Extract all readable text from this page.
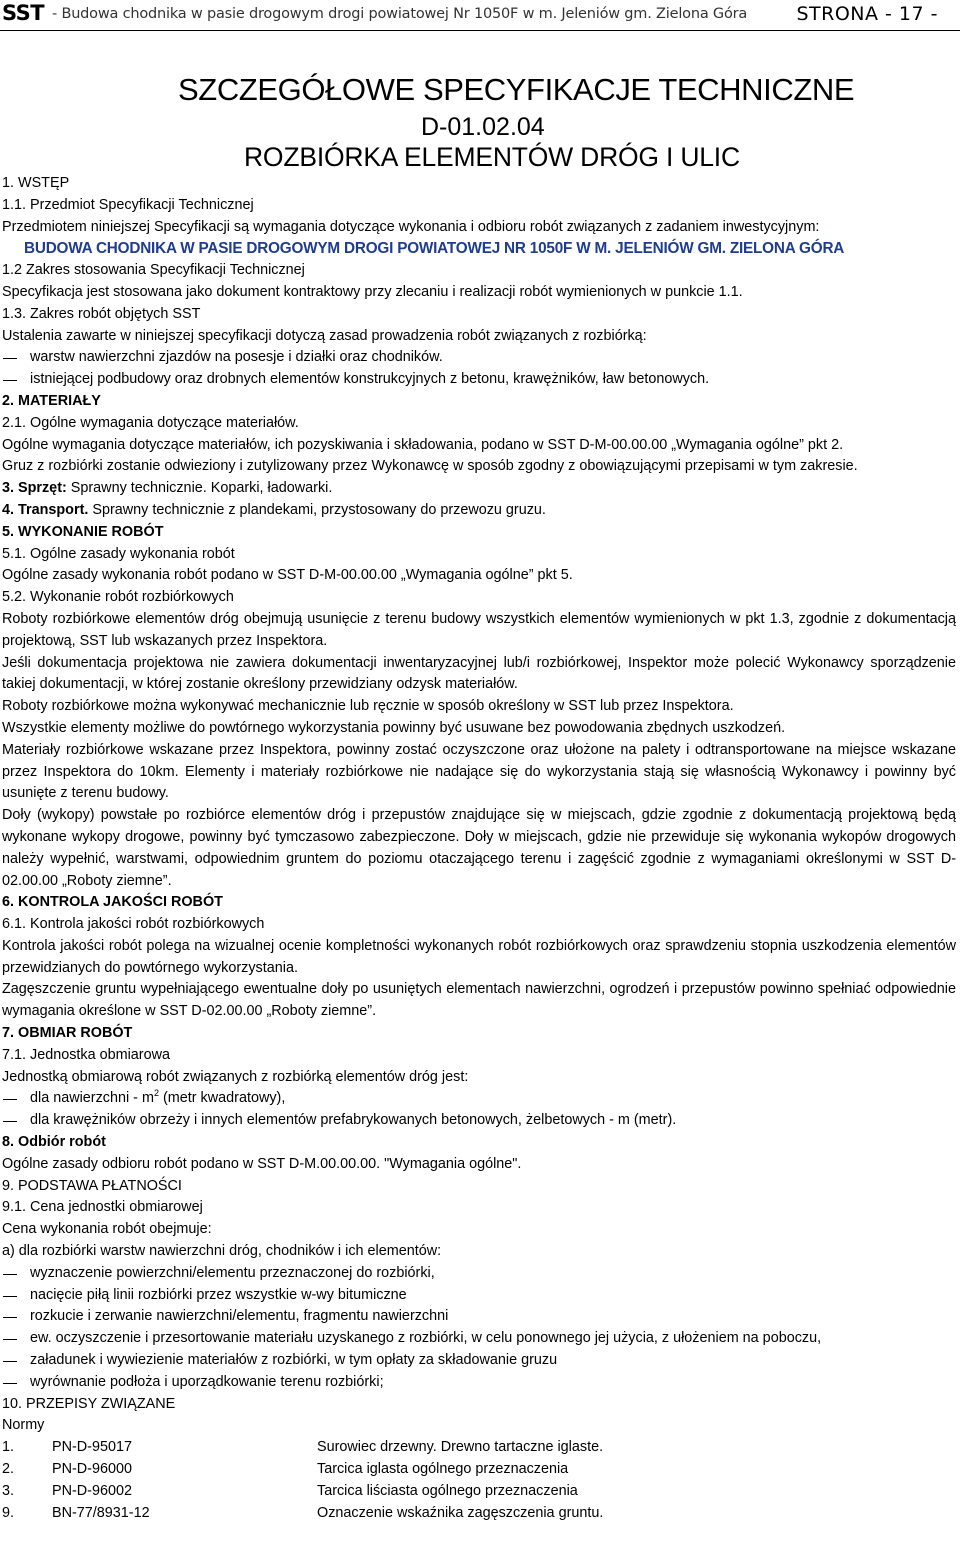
SST - Budowa chodnika w pasie drogowym drogi powiatowej Nr 1050F w m. Jeleniów gm. Zielona Góra	STRONA - 17 -
SZCZEGÓŁOWE SPECYFIKACJE TECHNICZNE
D-01.02.04
ROZBIÓRKA ELEMENTÓW DRÓG I ULIC

1. WSTĘP

1.1. Przedmiot Specyfikacji Technicznej

Przedmiotem niniejszej Specyfikacji są wymagania dotyczące wykonania i odbioru robót związanych z zadaniem inwestycyjnym:

BUDOWA CHODNIKA W PASIE DROGOWYM DROGI POWIATOWEJ NR 1050F W M. JELENIÓW GM. ZIELONA GÓRA

1.2 Zakres stosowania Specyfikacji Technicznej

Specyfikacja jest stosowana jako dokument kontraktowy przy zlecaniu i realizacji robót wymienionych w punkcie 1.1.

1.3. Zakres robót objętych SST

Ustalenia zawarte w niniejszej specyfikacji dotyczą zasad prowadzenia robót związanych z rozbiórką:

warstw nawierzchni zjazdów na posesje i działki oraz chodników.

istniejącej podbudowy oraz drobnych elementów konstrukcyjnych z betonu, krawężników, ław betonowych.

2. MATERIAŁY

2.1. Ogólne wymagania dotyczące materiałów.

Ogólne wymagania dotyczące materiałów, ich pozyskiwania i składowania, podano w SST D-M-00.00.00 „Wymagania ogólne” pkt 2.

Gruz z rozbiórki zostanie odwieziony i zutylizowany przez Wykonawcę w sposób zgodny z obowiązującymi przepisami w tym zakresie.

3. Sprzęt: Sprawny technicznie. Koparki, ładowarki.

4. Transport. Sprawny technicznie z plandekami, przystosowany do przewozu gruzu.

5. WYKONANIE ROBÓT

5.1. Ogólne zasady wykonania robót

Ogólne zasady wykonania robót podano w SST D-M-00.00.00 „Wymagania ogólne” pkt 5.

5.2. Wykonanie robót rozbiórkowych

Roboty rozbiórkowe elementów dróg obejmują usunięcie z terenu budowy wszystkich elementów wymienionych w pkt 1.3, zgodnie z dokumentacją projektową, SST lub wskazanych przez Inspektora.

Jeśli dokumentacja projektowa nie zawiera dokumentacji inwentaryzacyjnej lub/i rozbiórkowej, Inspektor może polecić Wykonawcy sporządzenie takiej dokumentacji, w której zostanie określony przewidziany odzysk materiałów.

Roboty rozbiórkowe można wykonywać mechanicznie lub ręcznie w sposób określony w SST lub przez Inspektora.

Wszystkie elementy możliwe do powtórnego wykorzystania powinny być usuwane bez powodowania zbędnych uszkodzeń.

Materiały rozbiórkowe wskazane przez Inspektora, powinny zostać oczyszczone oraz ułożone na palety i odtransportowane na miejsce wskazane przez Inspektora do 10km. Elementy i materiały rozbiórkowe nie nadające się do wykorzystania stają się własnością Wykonawcy i powinny być usunięte z terenu budowy.

Doły (wykopy) powstałe po rozbiórce elementów dróg i przepustów znajdujące się w miejscach, gdzie zgodnie z dokumentacją projektową będą wykonane wykopy drogowe, powinny być tymczasowo zabezpieczone. Doły w miejscach, gdzie nie przewiduje się wykonania wykopów drogowych należy wypełnić, warstwami, odpowiednim gruntem do poziomu otaczającego terenu i zagęścić zgodnie z wymaganiami określonymi w SST D-02.00.00 „Roboty ziemne”.

6. KONTROLA JAKOŚCI ROBÓT

6.1. Kontrola jakości robót rozbiórkowych

Kontrola jakości robót polega na wizualnej ocenie kompletności wykonanych robót rozbiórkowych oraz sprawdzeniu stopnia uszkodzenia elementów przewidzianych do powtórnego wykorzystania.

Zagęszczenie gruntu wypełniającego ewentualne doły po usuniętych elementach nawierzchni, ogrodzeń i przepustów powinno spełniać odpowiednie wymagania określone w SST D-02.00.00 „Roboty ziemne”.

7. OBMIAR ROBÓT

7.1. Jednostka obmiarowa

Jednostką obmiarową robót związanych z rozbiórką elementów dróg jest:

dla nawierzchni - $m^2$ (metr kwadratowy),

dla krawężników obrzeży i innych elementów prefabrykowanych betonowych, żelbetowych - m (metr).

8. Odbiór robót

Ogólne zasady odbioru robót podano w SST D-M.00.00.00. "Wymagania ogólne".

9. PODSTAWA PŁATNOŚCI

9.1. Cena jednostki obmiarowej

Cena wykonania robót obejmuje:

a) dla rozbiórki warstw nawierzchni dróg, chodników i ich elementów:

wyznaczenie powierzchni/elementu przeznaczonej do rozbiórki,

nacięcie piłą linii rozbiórki przez wszystkie w-wy bitumiczne

rozkucie i zerwanie nawierzchni/elementu, fragmentu nawierzchni

ew. oczyszczenie i przesortowanie materiału uzyskanego z rozbiórki, w celu ponownego jej użycia, z ułożeniem na poboczu,

załadunek i wywiezienie materiałów z rozbiórki, w tym opłaty za składowanie gruzu

wyrównanie podłoża i uporządkowanie terenu rozbiórki;

10. PRZEPISY ZWIĄZANE

Normy

1.	PN-D-95017	Surowiec drzewny. Drewno tartaczne iglaste.
2.	PN-D-96000	Tarcica iglasta ogólnego przeznaczenia
3.	PN-D-96002	Tarcica liściasta ogólnego przeznaczenia
9.	BN-77/8931-12	Oznaczenie wskaźnika zagęszczenia gruntu.
